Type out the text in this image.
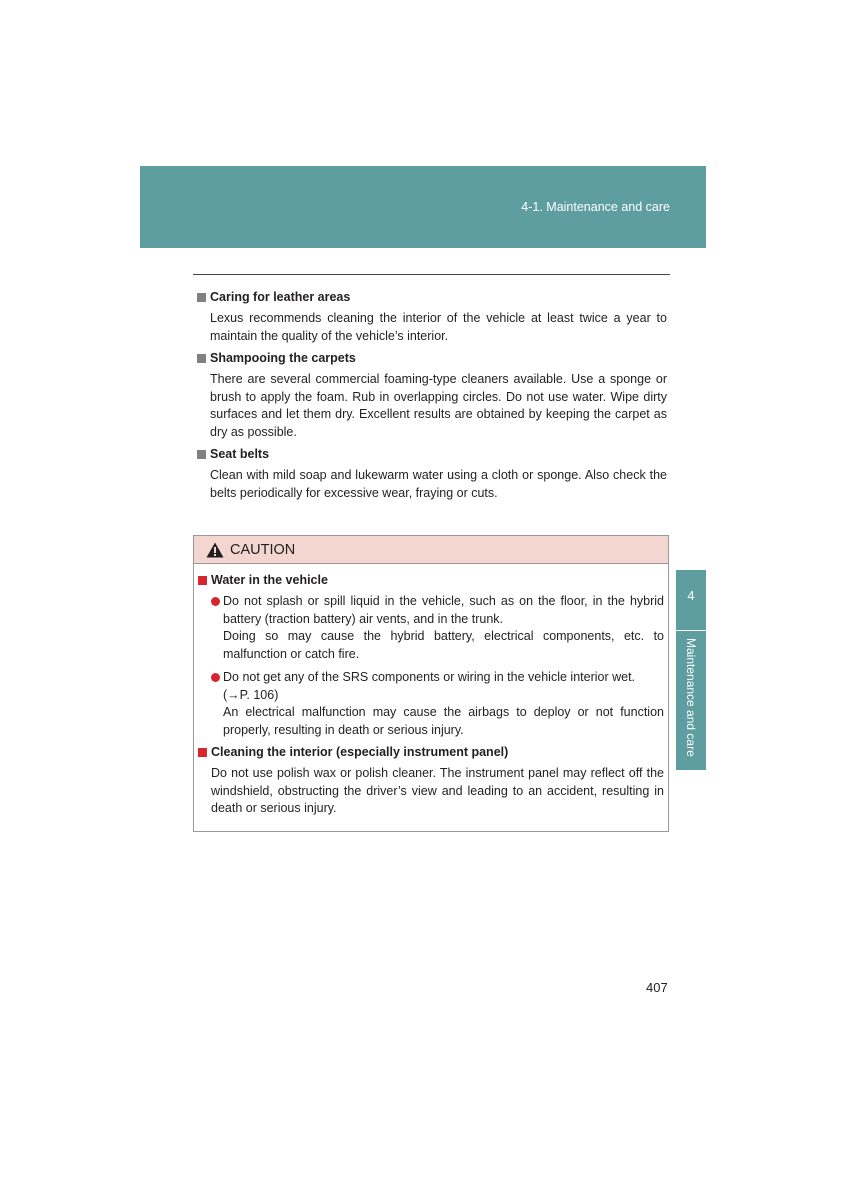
4-1. Maintenance and care
Caring for leather areas

Lexus recommends cleaning the interior of the vehicle at least twice a year to maintain the quality of the vehicle’s interior.

Shampooing the carpets

There are several commercial foaming-type cleaners available. Use a sponge or brush to apply the foam. Rub in overlapping circles. Do not use water. Wipe dirty surfaces and let them dry. Excellent results are obtained by keeping the carpet as dry as possible.

Seat belts

Clean with mild soap and lukewarm water using a cloth or sponge. Also check the belts periodically for excessive wear, fraying or cuts.

CAUTION
Water in the vehicle
Do not splash or spill liquid in the vehicle, such as on the floor, in the hybrid battery (traction battery) air vents, and in the trunk.
Doing so may cause the hybrid battery, electrical components, etc. to malfunction or catch fire.
Do not get any of the SRS components or wiring in the vehicle interior wet.
(→P. 106)
An electrical malfunction may cause the airbags to deploy or not function properly, resulting in death or serious injury.
Cleaning the interior (especially instrument panel)

Do not use polish wax or polish cleaner. The instrument panel may reflect off the windshield, obstructing the driver’s view and leading to an accident, resulting in death or serious injury.

4
Maintenance and care
407
